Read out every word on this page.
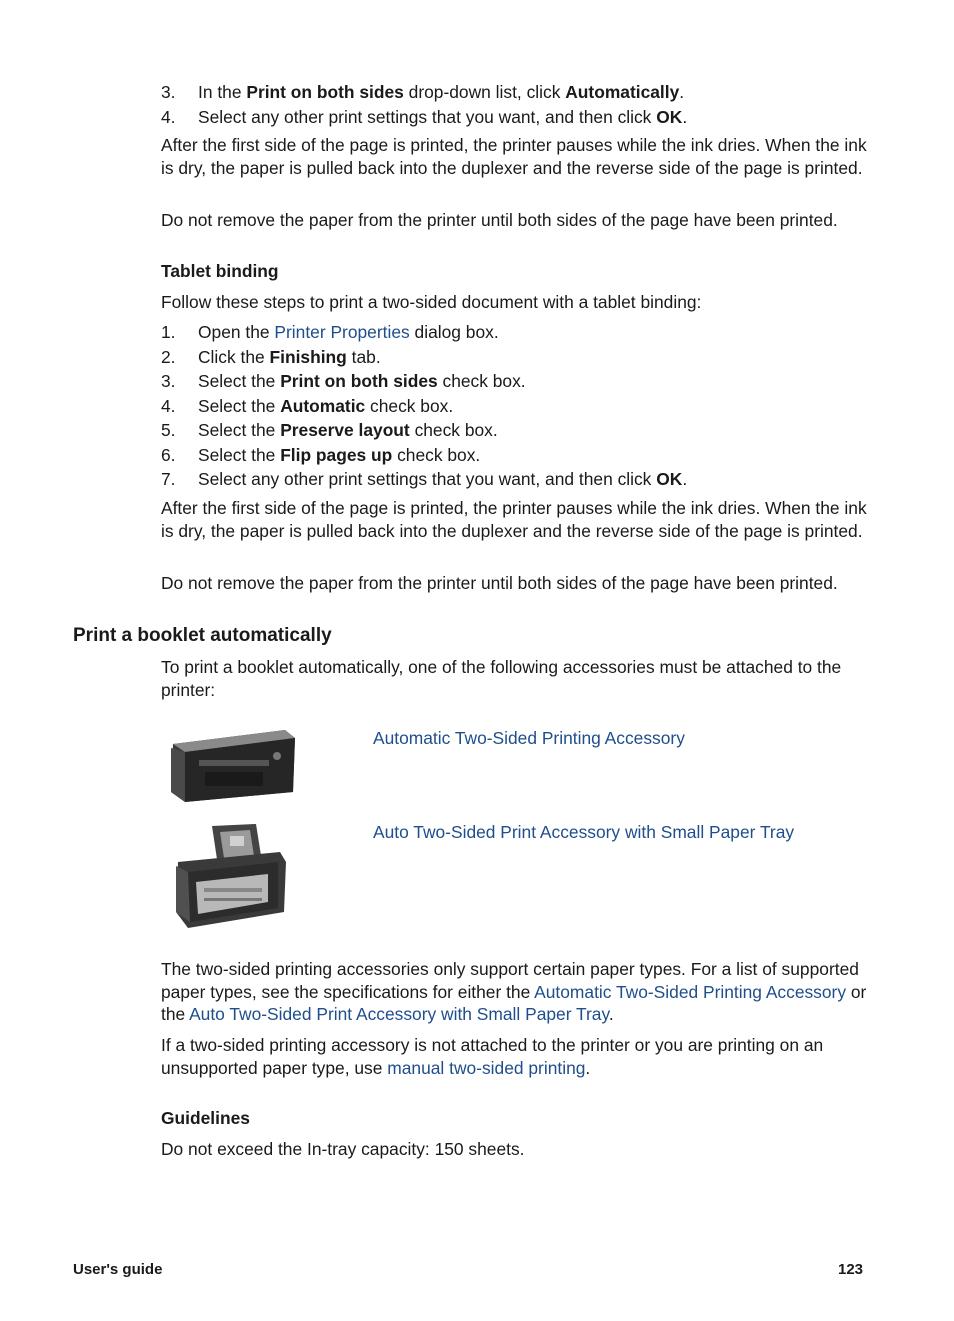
3. In the Print on both sides drop-down list, click Automatically.
4. Select any other print settings that you want, and then click OK.

After the first side of the page is printed, the printer pauses while the ink dries. When the ink is dry, the paper is pulled back into the duplexer and the reverse side of the page is printed.

Do not remove the paper from the printer until both sides of the page have been printed.

Tablet binding

Follow these steps to print a two-sided document with a tablet binding:

1. Open the Printer Properties dialog box.
2. Click the Finishing tab.
3. Select the Print on both sides check box.
4. Select the Automatic check box.
5. Select the Preserve layout check box.
6. Select the Flip pages up check box.
7. Select any other print settings that you want, and then click OK.

After the first side of the page is printed, the printer pauses while the ink dries. When the ink is dry, the paper is pulled back into the duplexer and the reverse side of the page is printed.

Do not remove the paper from the printer until both sides of the page have been printed.

Print a booklet automatically

To print a booklet automatically, one of the following accessories must be attached to the printer:

Automatic Two-Sided Printing Accessory
Auto Two-Sided Print Accessory with Small Paper Tray

The two-sided printing accessories only support certain paper types. For a list of supported paper types, see the specifications for either the Automatic Two-Sided Printing Accessory or the Auto Two-Sided Print Accessory with Small Paper Tray.

If a two-sided printing accessory is not attached to the printer or you are printing on an unsupported paper type, use manual two-sided printing.

Guidelines

Do not exceed the In-tray capacity: 150 sheets.

User's guide	123
